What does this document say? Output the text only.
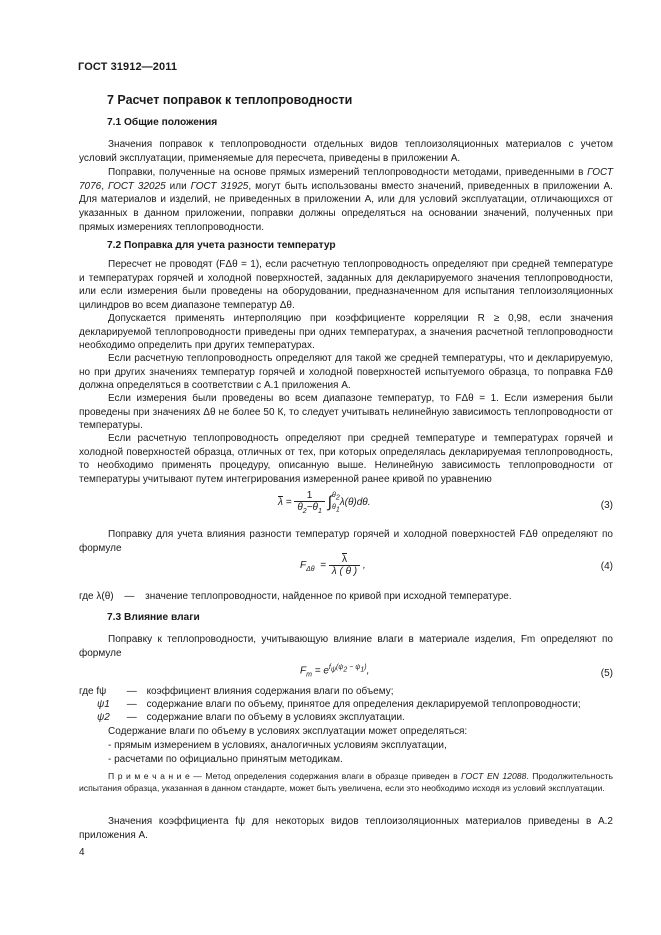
ГОСТ 31912—2011
7 Расчет поправок к теплопроводности
7.1 Общие положения

Значения поправок к теплопроводности отдельных видов теплоизоляционных материалов с учетом условий эксплуатации, применяемые для пересчета, приведены в приложении А.

Поправки, полученные на основе прямых измерений теплопроводности методами, приведенными в ГОСТ 7076, ГОСТ 32025 или ГОСТ 31925, могут быть использованы вместо значений, приведенных в приложении А. Для материалов и изделий, не приведенных в приложении А, или для условий эксплуатации, отличающихся от указанных в данном приложении, поправки должны определяться на основании значений, полученных при прямых измерениях теплопроводности.

7.2 Поправка для учета разности температур

Пересчет не проводят (FΔθ = 1), если расчетную теплопроводность определяют при средней температуре и температурах горячей и холодной поверхностей, заданных для декларируемого значения теплопроводности, или если измерения были проведены на оборудовании, предназначенном для испытания теплоизоляционных цилиндров во всем диапазоне температур Δθ.

Допускается применять интерполяцию при коэффициенте корреляции R ≥ 0,98, если значения декларируемой теплопроводности приведены при одних температурах, а значения расчетной теплопроводности необходимо определить при других температурах.

Если расчетную теплопроводность определяют для такой же средней температуры, что и декларируемую, но при других значениях температур горячей и холодной поверхностей испытуемого образца, то поправка FΔθ должна определяться в соответствии с А.1 приложения А.

Если измерения были проведены во всем диапазоне температур, то FΔθ = 1. Если измерения были проведены при значениях Δθ не более 50 К, то следует учитывать нелинейную зависимость теплопроводности от температуры.

Если расчетную теплопроводность определяют при средней температуре и температурах горячей и холодной поверхностей образца, отличных от тех, при которых определялась декларируемая теплопроводность, то необходимо применять процедуру, описанную выше. Нелинейную зависимость теплопроводности от температуры учитывают путем интегрирования измеренной ранее кривой по уравнению

$\overline{\lambda} = \frac{1}{\theta_2-\theta_1} \int\theta_2$
$\theta_1\lambda(\theta)d\theta$.	(3)

Поправку для учета влияния разности температур горячей и холодной поверхностей FΔθ определяют по формуле

$F_{\Delta\theta} = \frac{\overline{\lambda}}{\lambda ( \theta )}$ ,	(4)
где λ(θ) — значение теплопроводности, найденное по кривой при исходной температуре.
7.3 Влияние влаги

Поправку к теплопроводности, учитывающую влияние влаги в материале изделия, Fm определяют по формуле

$F_m = e^{f_\psi(\psi_2 - \psi_1)}$,	(5)
где fψ — коэффициент влияния содержания влаги по объему;
ψ1 — содержание влаги по объему, принятое для определения декларируемой теплопроводности;
ψ2 — содержание влаги по объему в условиях эксплуатации.

Содержание влаги по объему в условиях эксплуатации может определяться:

- прямым измерением в условиях, аналогичных условиям эксплуатации,

- расчетами по официально принятым методикам.

П р и м е ч а н и е — Метод определения содержания влаги в образце приведен в ГОСТ EN 12088. Продолжительность испытания образца, указанная в данном стандарте, может быть увеличена, если это необходимо исходя из условий эксплуатации.

Значения коэффициента fψ для некоторых видов теплоизоляционных материалов приведены в А.2 приложения А.

4
